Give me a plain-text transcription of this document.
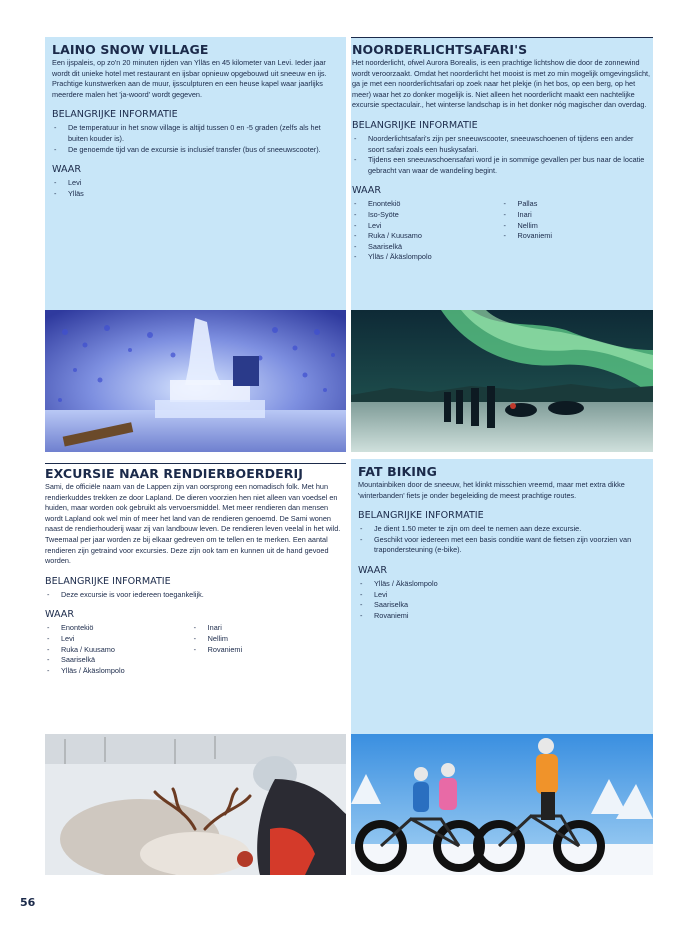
LAINO SNOW VILLAGE

Een ijspaleis, op zo'n 20 minuten rijden van Ylläs en 45 kilometer van Levi. Ieder jaar wordt dit unieke hotel met restaurant en ijsbar opnieuw opgebouwd uit sneeuw en ijs. Prachtige kunstwerken aan de muur, ijssculpturen en een heuse kapel waar jaarlijks meerdere malen het 'ja-woord' wordt gegeven.

BELANGRIJKE INFORMATIE
- De temperatuur in het snow village is altijd tussen 0 en -5 graden (zelfs als het buiten kouder is).
- De genoemde tijd van de excursie is inclusief transfer (bus of sneeuwscooter).
WAAR
- Levi
- Ylläs
NOORDERLICHTSAFARI'S

Het noorderlicht, ofwel Aurora Borealis, is een prachtige lichtshow die door de zonnewind wordt veroorzaakt. Omdat het noorderlicht het mooist is met zo min mogelijk omgevingslicht, ga je met een noorderlichtsafari op zoek naar het plekje (in het bos, op een berg, op het meer) waar het zo donker mogelijk is. Niet alleen het noorderlicht maakt een nachtelijke excursie spectaculair., het winterse landschap is in het donker nóg magischer dan overdag.

BELANGRIJKE INFORMATIE
- Noorderlichtsafari's zijn per sneeuwscooter, sneeuwschoenen of tijdens een ander soort safari zoals een huskysafari.
- Tijdens een sneeuwschoensafari word je in sommige gevallen per bus naar de locatie gebracht van waar de wandeling begint.
WAAR
- Enontekiö
- Iso-Syöte
- Levi
- Ruka / Kuusamo
- Saariselkä
- Ylläs / Äkäslompolo
- Pallas
- Inari
- Nellim
- Rovaniemi
EXCURSIE NAAR RENDIERBOERDERIJ

Sami, de officiële naam van de Lappen zijn van oorsprong een nomadisch folk. Met hun rendierkuddes trekken ze door Lapland. De dieren voorzien hen niet alleen van voedsel en huiden, maar worden ook gebruikt als vervoersmiddel. Met meer rendieren dan mensen wordt Lapland ook wel min of meer het land van de rendieren genoemd. De Sami wonen naast de rendierhouderij waar zij van landbouw leven. De rendieren leven veelal in het wild. Tweemaal per jaar worden ze bij elkaar gedreven om te tellen en te merken. Een aantal rendieren zijn getraind voor excursies. Deze zijn ook tam en kunnen uit de hand gevoed worden.

BELANGRIJKE INFORMATIE
- Deze excursie is voor iedereen toegankelijk.
WAAR
- Enontekiö
- Levi
- Ruka / Kuusamo
- Saariselkä
- Ylläs / Äkäslompolo
- Inari
- Nellim
- Rovaniemi
FAT BIKING

Mountainbiken door de sneeuw, het klinkt misschien vreemd, maar met extra dikke 'winterbanden' fiets je onder begeleiding de meest prachtige routes.

BELANGRIJKE INFORMATIE
- Je dient 1.50 meter te zijn om deel te nemen aan deze excursie.
- Geschikt voor iedereen met een basis conditie want de fietsen zijn voorzien van trapondersteuning (e-bike).
WAAR
- Ylläs / Äkäslompolo
- Levi
- Saariselka
- Rovaniemi
56
